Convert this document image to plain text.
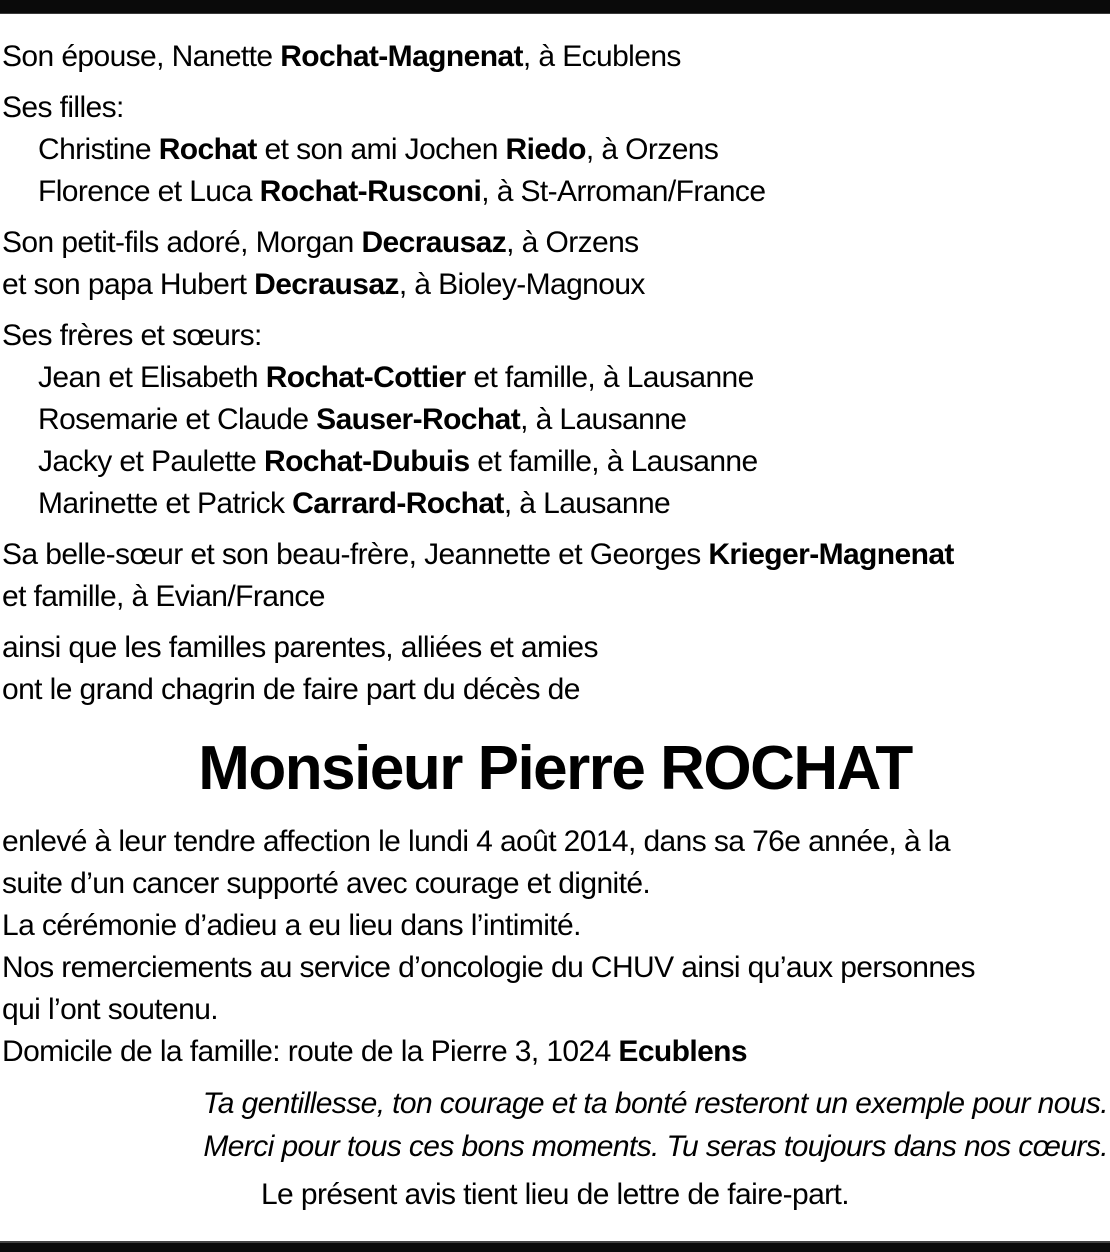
Son épouse, Nanette Rochat-Magnenat, à Ecublens
Ses filles:
Christine Rochat et son ami Jochen Riedo, à Orzens
Florence et Luca Rochat-Rusconi, à St-Arroman/France
Son petit-fils adoré, Morgan Decrausaz, à Orzens
et son papa Hubert Decrausaz, à Bioley-Magnoux
Ses frères et sœurs:
Jean et Elisabeth Rochat-Cottier et famille, à Lausanne
Rosemarie et Claude Sauser-Rochat, à Lausanne
Jacky et Paulette Rochat-Dubuis et famille, à Lausanne
Marinette et Patrick Carrard-Rochat, à Lausanne
Sa belle-sœur et son beau-frère, Jeannette et Georges Krieger-Magnenat
et famille, à Evian/France
ainsi que les familles parentes, alliées et amies
ont le grand chagrin de faire part du décès de
Monsieur Pierre ROCHAT
enlevé à leur tendre affection le lundi 4 août 2014, dans sa 76e année, à la
suite d’un cancer supporté avec courage et dignité.
La cérémonie d’adieu a eu lieu dans l’intimité.
Nos remerciements au service d’oncologie du CHUV ainsi qu’aux personnes
qui l’ont soutenu.
Domicile de la famille: route de la Pierre 3, 1024 Ecublens
Ta gentillesse, ton courage et ta bonté resteront un exemple pour nous.
Merci pour tous ces bons moments. Tu seras toujours dans nos cœurs.
Le présent avis tient lieu de lettre de faire-part.
